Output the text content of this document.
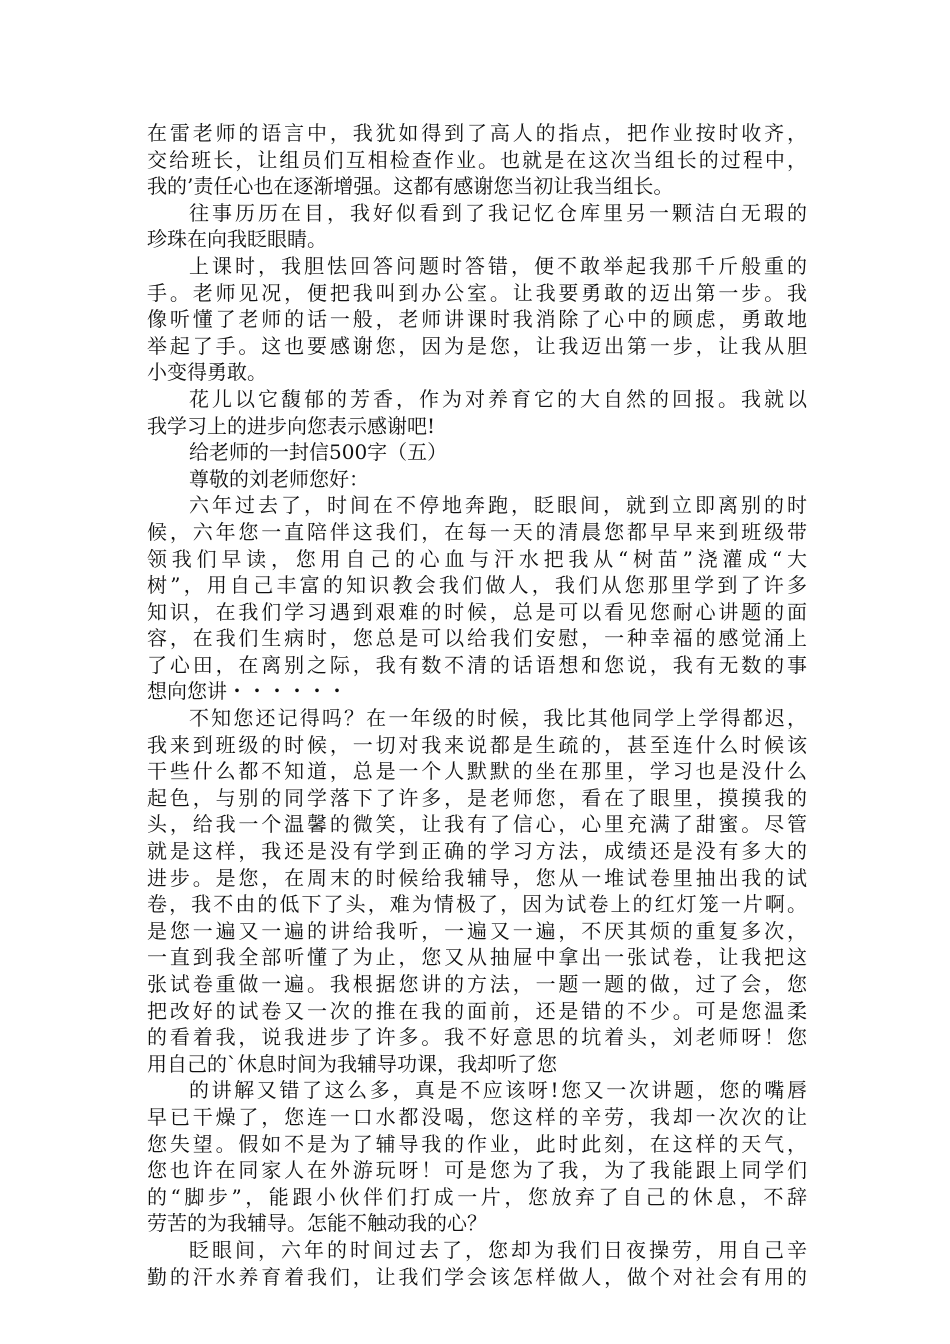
在雷老师的语言中，我犹如得到了高人的指点，把作业按时收齐，
交给班长，让组员们互相检查作业。也就是在这次当组长的过程中，
我的’责任心也在逐渐增强。这都有感谢您当初让我当组长。
往事历历在目，我好似看到了我记忆仓库里另一颗洁白无瑕的
珍珠在向我眨眼睛。
上课时，我胆怯回答问题时答错，便不敢举起我那千斤般重的
手。老师见况，便把我叫到办公室。让我要勇敢的迈出第一步。我
像听懂了老师的话一般，老师讲课时我消除了心中的顾虑，勇敢地
举起了手。这也要感谢您，因为是您，让我迈出第一步，让我从胆
小变得勇敢。
花儿以它馥郁的芳香，作为对养育它的大自然的回报。我就以
我学习上的进步向您表示感谢吧!
给老师的一封信500字（五）
尊敬的刘老师您好：
六年过去了，时间在不停地奔跑，眨眼间，就到立即离别的时
候，六年您一直陪伴这我们，在每一天的清晨您都早早来到班级带
领我们早读，您用自己的心血与汗水把我从“树苗”浇灌成“大
树”，用自己丰富的知识教会我们做人，我们从您那里学到了许多
知识，在我们学习遇到艰难的时候，总是可以看见您耐心讲题的面
容，在我们生病时，您总是可以给我们安慰，一种幸福的感觉涌上
了心田，在离别之际，我有数不清的话语想和您说，我有无数的事
想向您讲・・・・・・
不知您还记得吗？在一年级的时候，我比其他同学上学得都迟，
我来到班级的时候，一切对我来说都是生疏的，甚至连什么时候该
干些什么都不知道，总是一个人默默的坐在那里，学习也是没什么
起色，与别的同学落下了许多，是老师您，看在了眼里，摸摸我的
头，给我一个温馨的微笑，让我有了信心，心里充满了甜蜜。尽管
就是这样，我还是没有学到正确的学习方法，成绩还是没有多大的
进步。是您，在周末的时候给我辅导，您从一堆试卷里抽出我的试
卷，我不由的低下了头，难为情极了，因为试卷上的红灯笼一片啊。
是您一遍又一遍的讲给我听，一遍又一遍，不厌其烦的重复多次，
一直到我全部听懂了为止，您又从抽屉中拿出一张试卷，让我把这
张试卷重做一遍。我根据您讲的方法，一题一题的做，过了会，您
把改好的试卷又一次的推在我的面前，还是错的不少。可是您温柔
的看着我，说我进步了许多。我不好意思的坑着头，刘老师呀！您
用自己的`休息时间为我辅导功课，我却听了您
的讲解又错了这么多，真是不应该呀!您又一次讲题，您的嘴唇
早已干燥了，您连一口水都没喝，您这样的辛劳，我却一次次的让
您失望。假如不是为了辅导我的作业，此时此刻，在这样的天气，
您也许在同家人在外游玩呀！可是您为了我，为了我能跟上同学们
的“脚步”，能跟小伙伴们打成一片，您放弃了自己的休息，不辞
劳苦的为我辅导。怎能不触动我的心？
眨眼间，六年的时间过去了，您却为我们日夜操劳，用自己辛
勤的汗水养育着我们，让我们学会该怎样做人，做个对社会有用的
